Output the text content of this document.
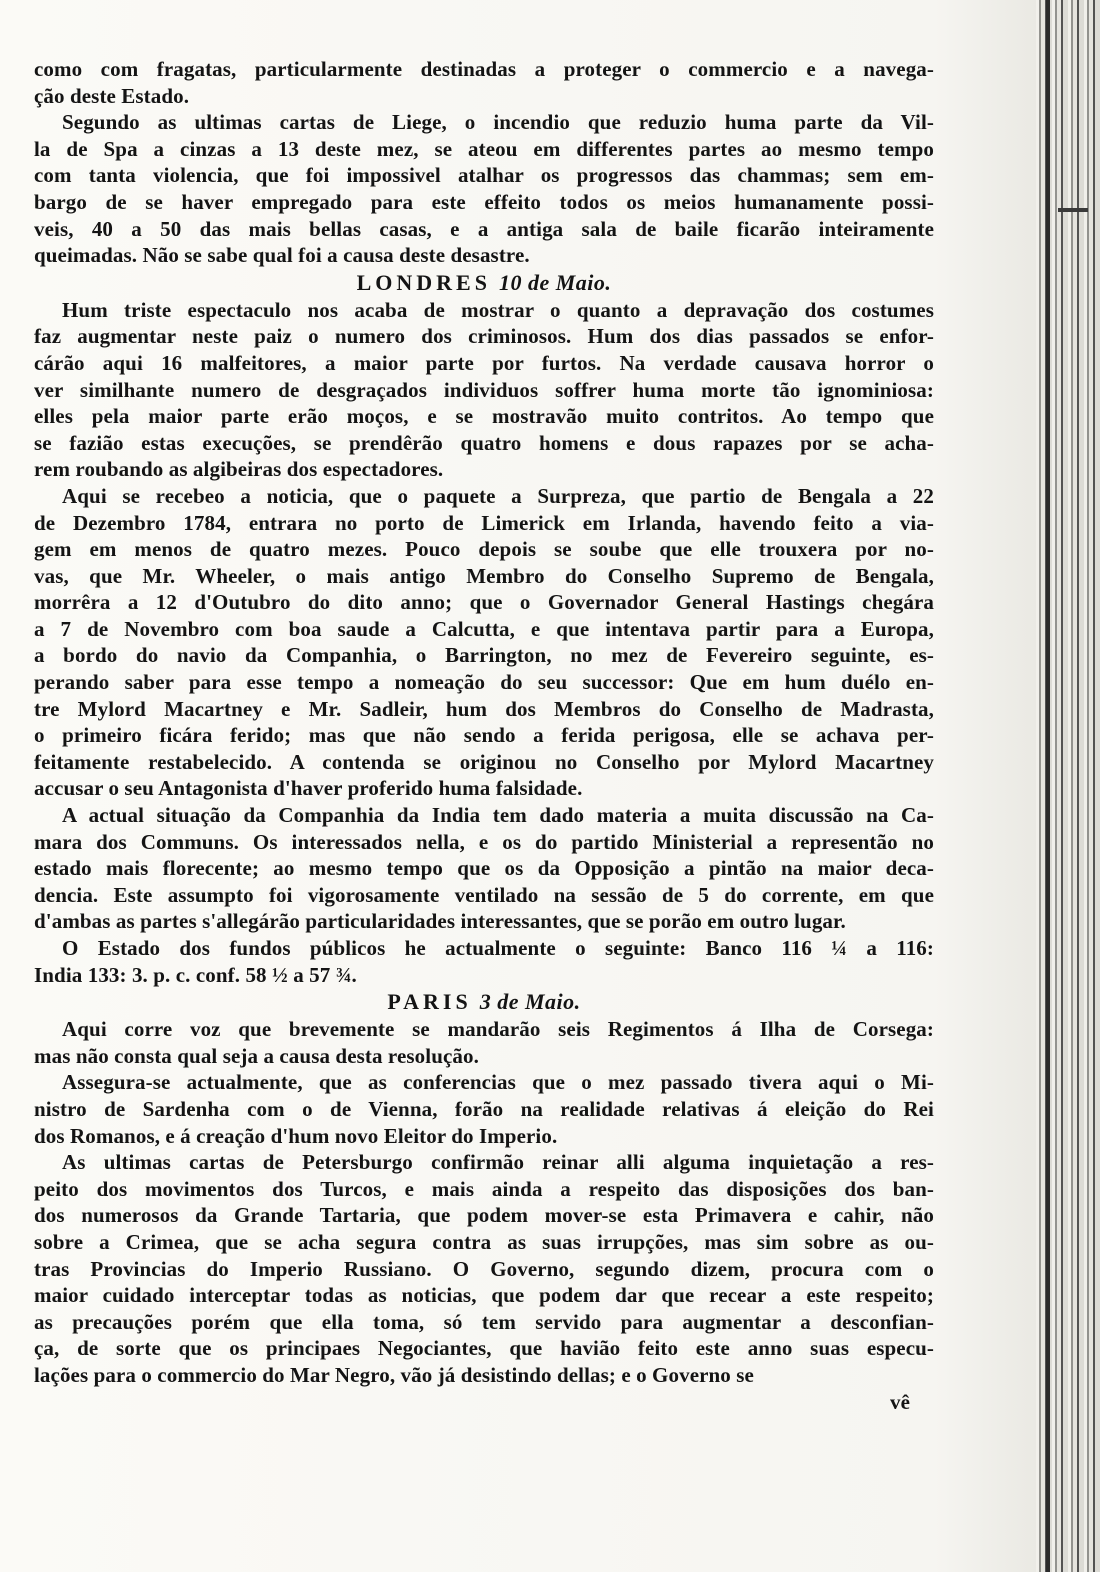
como com fragatas, particularmente destinadas a proteger o commercio e a navega-
ção deste Estado.
Segundo as ultimas cartas de Liege, o incendio que reduzio huma parte da Vil-
la de Spa a cinzas a 13 deste mez, se ateou em differentes partes ao mesmo tempo
com tanta violencia, que foi impossivel atalhar os progressos das chammas; sem em-
bargo de se haver empregado para este effeito todos os meios humanamente possi-
veis, 40 a 50 das mais bellas casas, e a antiga sala de baile ficarão inteiramente
queimadas. Não se sabe qual foi a causa deste desastre.
LONDRES 10 de Maio.
Hum triste espectaculo nos acaba de mostrar o quanto a depravação dos costumes
faz augmentar neste paiz o numero dos criminosos. Hum dos dias passados se enfor-
cárão aqui 16 malfeitores, a maior parte por furtos. Na verdade causava horror o
ver similhante numero de desgraçados individuos soffrer huma morte tão ignominiosa:
elles pela maior parte erão moços, e se mostravão muito contritos. Ao tempo que
se fazião estas execuções, se prendêrão quatro homens e dous rapazes por se acha-
rem roubando as algibeiras dos espectadores.
Aqui se recebeo a noticia, que o paquete a Surpreza, que partio de Bengala a 22
de Dezembro 1784, entrara no porto de Limerick em Irlanda, havendo feito a via-
gem em menos de quatro mezes. Pouco depois se soube que elle trouxera por no-
vas, que Mr. Wheeler, o mais antigo Membro do Conselho Supremo de Bengala,
morrêra a 12 d'Outubro do dito anno; que o Governador General Hastings chegára
a 7 de Novembro com boa saude a Calcutta, e que intentava partir para a Europa,
a bordo do navio da Companhia, o Barrington, no mez de Fevereiro seguinte, es-
perando saber para esse tempo a nomeação do seu successor: Que em hum duélo en-
tre Mylord Macartney e Mr. Sadleir, hum dos Membros do Conselho de Madrasta,
o primeiro ficára ferido; mas que não sendo a ferida perigosa, elle se achava per-
feitamente restabelecido. A contenda se originou no Conselho por Mylord Macartney
accusar o seu Antagonista d'haver proferido huma falsidade.
A actual situação da Companhia da India tem dado materia a muita discussão na Ca-
mara dos Communs. Os interessados nella, e os do partido Ministerial a representão no
estado mais florecente; ao mesmo tempo que os da Opposição a pintão na maior deca-
dencia. Este assumpto foi vigorosamente ventilado na sessão de 5 do corrente, em que
d'ambas as partes s'allegárão particularidades interessantes, que se porão em outro lugar.
O Estado dos fundos públicos he actualmente o seguinte: Banco 116 ¼ a 116:
India 133: 3. p. c. conf. 58 ½ a 57 ¾.
PARIS 3 de Maio.
Aqui corre voz que brevemente se mandarão seis Regimentos á Ilha de Corsega:
mas não consta qual seja a causa desta resolução.
Assegura-se actualmente, que as conferencias que o mez passado tivera aqui o Mi-
nistro de Sardenha com o de Vienna, forão na realidade relativas á eleição do Rei
dos Romanos, e á creação d'hum novo Eleitor do Imperio.
As ultimas cartas de Petersburgo confirmão reinar alli alguma inquietação a res-
peito dos movimentos dos Turcos, e mais ainda a respeito das disposições dos ban-
dos numerosos da Grande Tartaria, que podem mover-se esta Primavera e cahir, não
sobre a Crimea, que se acha segura contra as suas irrupções, mas sim sobre as ou-
tras Provincias do Imperio Russiano. O Governo, segundo dizem, procura com o
maior cuidado interceptar todas as noticias, que podem dar que recear a este respeito;
as precauções porém que ella toma, só tem servido para augmentar a desconfian-
ça, de sorte que os principaes Negociantes, que havião feito este anno suas especu-
lações para o commercio do Mar Negro, vão já desistindo dellas; e o Governo se
vê
